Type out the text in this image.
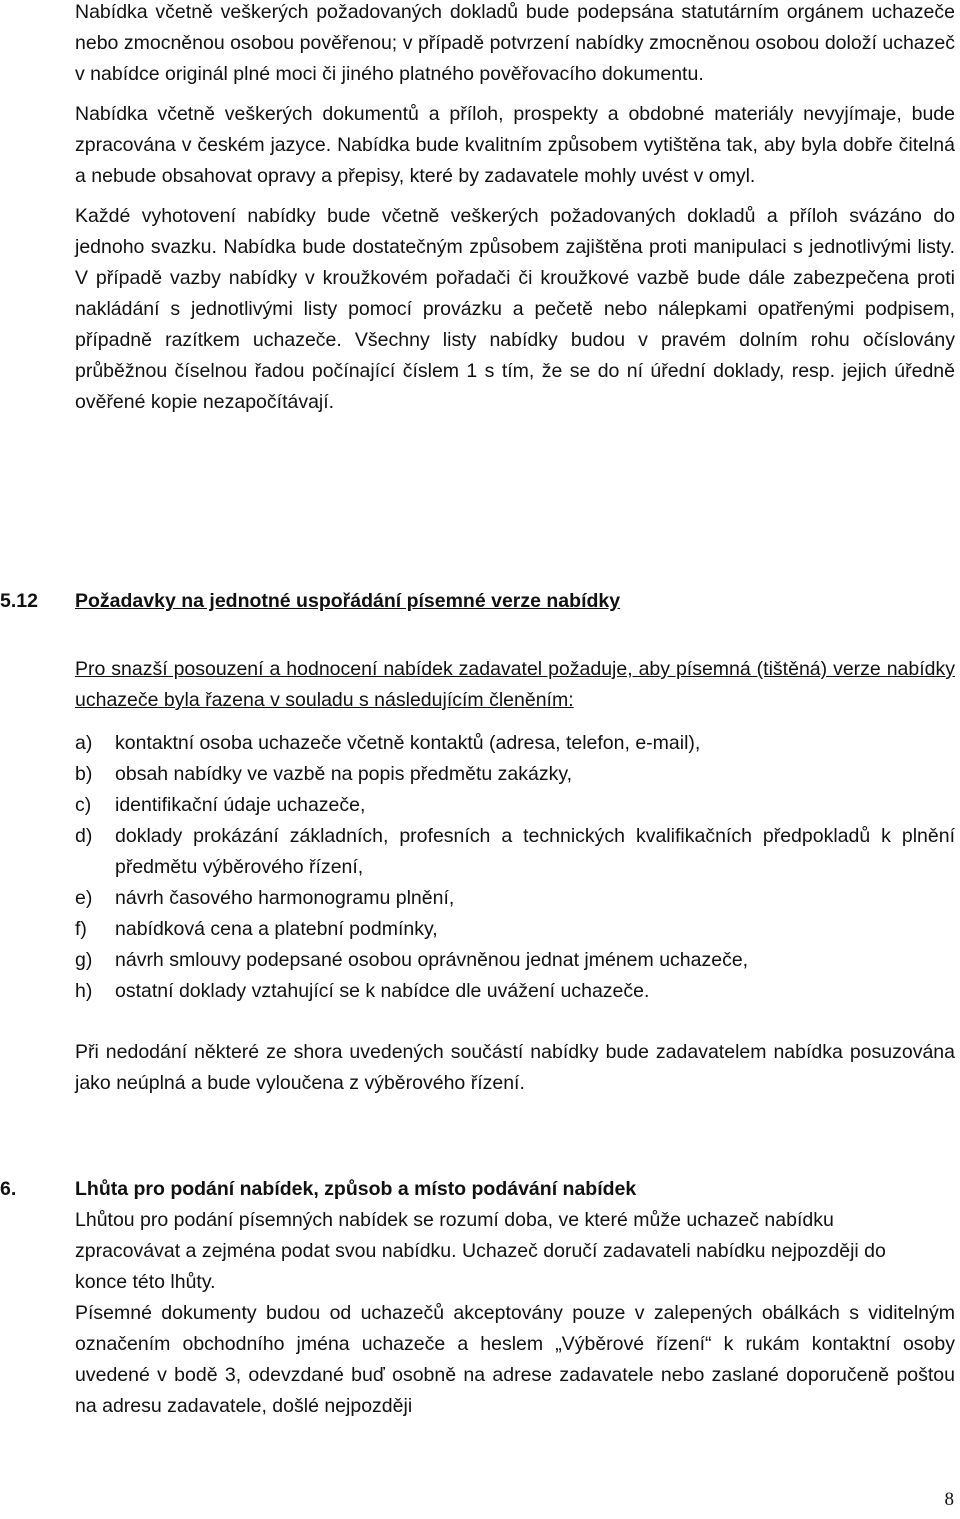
Nabídka včetně veškerých požadovaných dokladů bude podepsána statutárním orgánem uchazeče nebo zmocněnou osobou pověřenou; v případě potvrzení nabídky zmocněnou osobou doloží uchazeč v nabídce originál plné moci či jiného platného pověřovacího dokumentu.

Nabídka včetně veškerých dokumentů a příloh, prospekty a obdobné materiály nevyjímaje, bude zpracována v českém jazyce. Nabídka bude kvalitním způsobem vytištěna tak, aby byla dobře čitelná a nebude obsahovat opravy a přepisy, které by zadavatele mohly uvést v omyl.

Každé vyhotovení nabídky bude včetně veškerých požadovaných dokladů a příloh svázáno do jednoho svazku. Nabídka bude dostatečným způsobem zajištěna proti manipulaci s jednotlivými listy. V případě vazby nabídky v kroužkovém pořadači či kroužkové vazbě bude dále zabezpečena proti nakládání s jednotlivými listy pomocí provázku a pečetě nebo nálepkami opatřenými podpisem, případně razítkem uchazeče. Všechny listy nabídky budou v pravém dolním rohu očíslovány průběžnou číselnou řadou počínající číslem 1 s tím, že se do ní úřední doklady, resp. jejich úředně ověřené kopie nezapočítávají.

5.12	Požadavky na jednotné uspořádání písemné verze nabídky

Pro snazší posouzení a hodnocení nabídek zadavatel požaduje, aby písemná (tištěná) verze nabídky uchazeče byla řazena v souladu s následujícím členěním:

a) kontaktní osoba uchazeče včetně kontaktů (adresa, telefon, e-mail),
b) obsah nabídky ve vazbě na popis předmětu zakázky,
c) identifikační údaje uchazeče,
d) doklady prokázání základních, profesních a technických kvalifikačních předpokladů k plnění předmětu výběrového řízení,
e) návrh časového harmonogramu plnění,
f) nabídková cena a platební podmínky,
g) návrh smlouvy podepsané osobou oprávněnou jednat jménem uchazeče,
h) ostatní doklady vztahující se k nabídce dle uvážení uchazeče.

Při nedodání některé ze shora uvedených součástí nabídky bude zadavatelem nabídka posuzována jako neúplná a bude vyloučena z výběrového řízení.

6.	Lhůta pro podání nabídek, způsob a místo podávání nabídek

Lhůtou pro podání písemných nabídek se rozumí doba, ve které může uchazeč nabídku zpracovávat a zejména podat svou nabídku. Uchazeč doručí zadavateli nabídku nejpozději do konce této lhůty.

Písemné dokumenty budou od uchazečů akceptovány pouze v zalepených obálkách s viditelným označením obchodního jména uchazeče a heslem „Výběrové řízení“ k rukám kontaktní osoby uvedené v bodě 3, odevzdané buď osobně na adrese zadavatele nebo zaslané doporučeně poštou na adresu zadavatele, došlé nejpozději

8
